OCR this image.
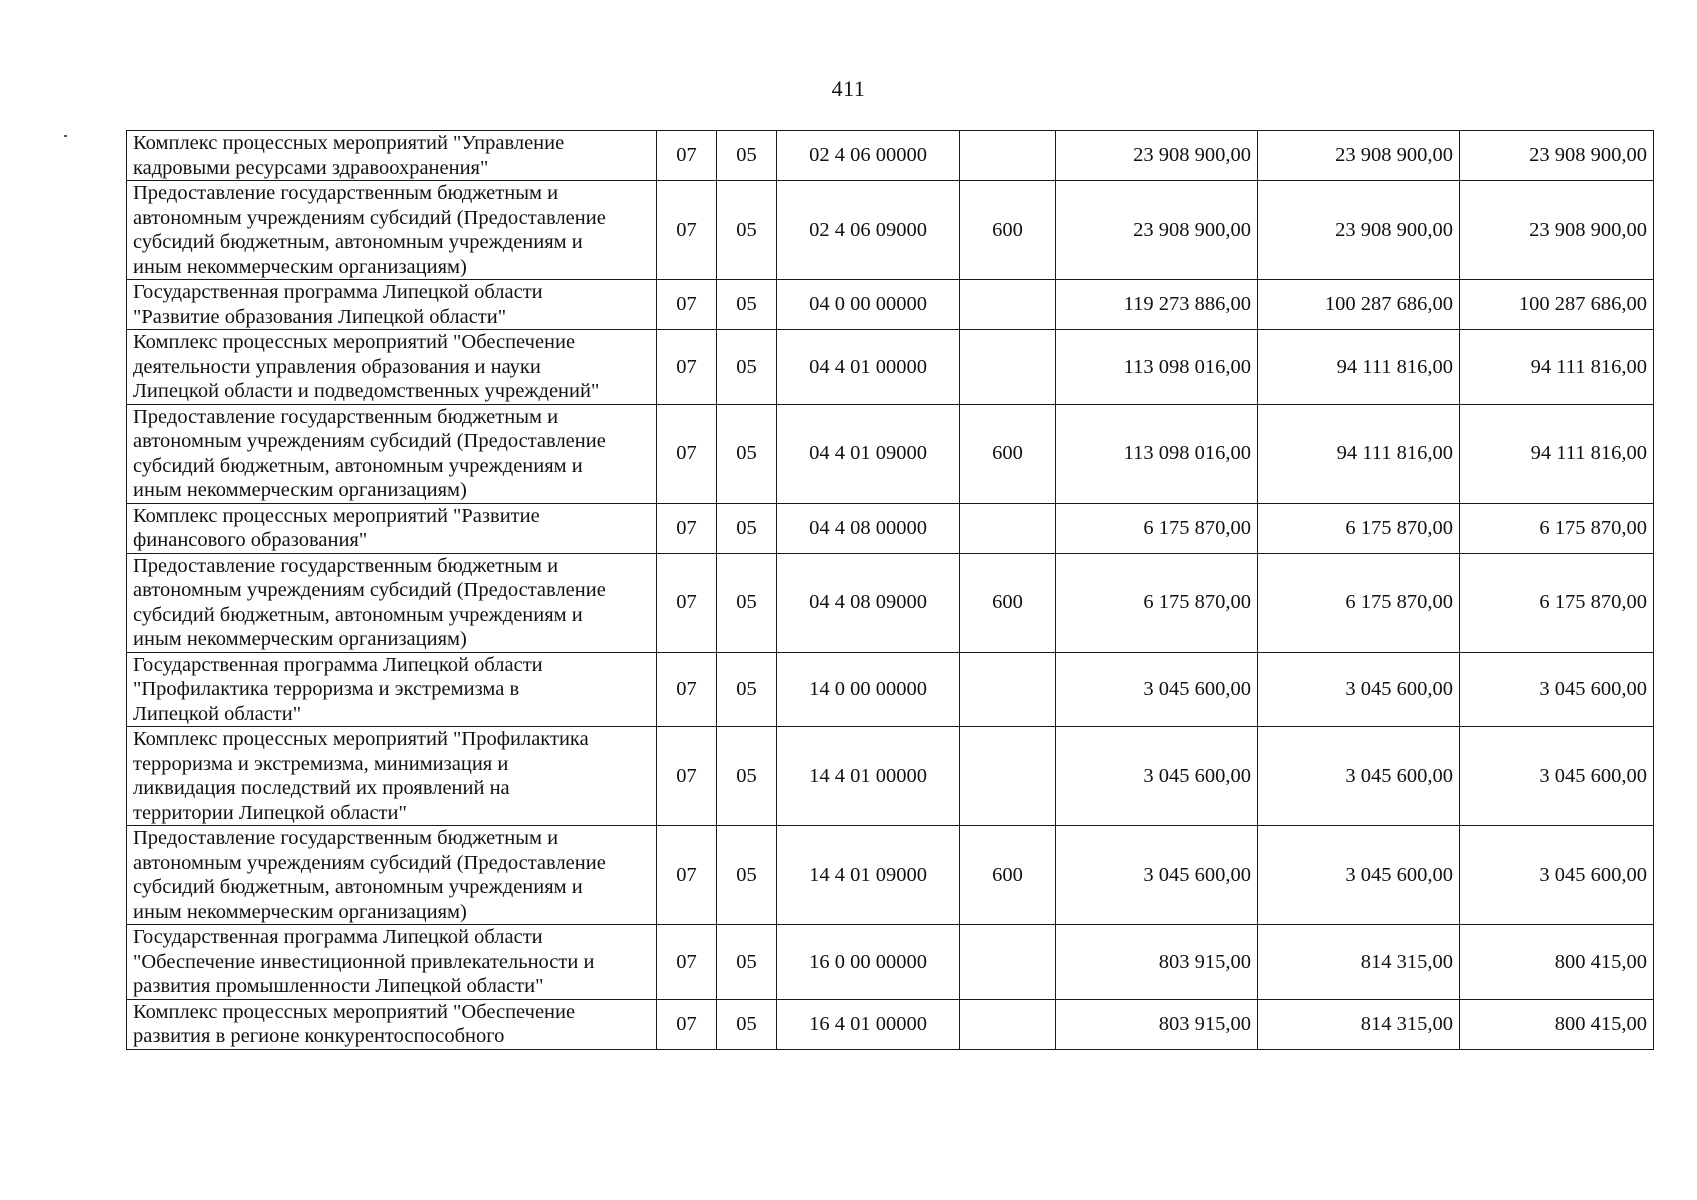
411
Комплекс процессных мероприятий "Управление
кадровыми ресурсами здравоохранения"	07	05	02 4 06 00000		23 908 900,00	23 908 900,00	23 908 900,00

Предоставление государственным бюджетным и
автономным учреждениям субсидий (Предоставление
субсидий бюджетным, автономным учреждениям и
иным некоммерческим организациям)	07	05	02 4 06 09000	600	23 908 900,00	23 908 900,00	23 908 900,00

Государственная программа Липецкой области
"Развитие образования Липецкой области"	07	05	04 0 00 00000		119 273 886,00	100 287 686,00	100 287 686,00

Комплекс процессных мероприятий "Обеспечение
деятельности управления образования и науки
Липецкой области и подведомственных учреждений"	07	05	04 4 01 00000		113 098 016,00	94 111 816,00	94 111 816,00

Предоставление государственным бюджетным и
автономным учреждениям субсидий (Предоставление
субсидий бюджетным, автономным учреждениям и
иным некоммерческим организациям)	07	05	04 4 01 09000	600	113 098 016,00	94 111 816,00	94 111 816,00

Комплекс процессных мероприятий "Развитие
финансового образования"	07	05	04 4 08 00000		6 175 870,00	6 175 870,00	6 175 870,00

Предоставление государственным бюджетным и
автономным учреждениям субсидий (Предоставление
субсидий бюджетным, автономным учреждениям и
иным некоммерческим организациям)	07	05	04 4 08 09000	600	6 175 870,00	6 175 870,00	6 175 870,00

Государственная программа Липецкой области
"Профилактика терроризма и экстремизма в
Липецкой области"	07	05	14 0 00 00000		3 045 600,00	3 045 600,00	3 045 600,00

Комплекс процессных мероприятий "Профилактика
терроризма и экстремизма, минимизация и
ликвидация последствий их проявлений на
территории Липецкой области"	07	05	14 4 01 00000		3 045 600,00	3 045 600,00	3 045 600,00

Предоставление государственным бюджетным и
автономным учреждениям субсидий (Предоставление
субсидий бюджетным, автономным учреждениям и
иным некоммерческим организациям)	07	05	14 4 01 09000	600	3 045 600,00	3 045 600,00	3 045 600,00

Государственная программа Липецкой области
"Обеспечение инвестиционной привлекательности и
развития промышленности Липецкой области"	07	05	16 0 00 00000		803 915,00	814 315,00	800 415,00

Комплекс процессных мероприятий "Обеспечение
развития в регионе конкурентоспособного	07	05	16 4 01 00000		803 915,00	814 315,00	800 415,00
